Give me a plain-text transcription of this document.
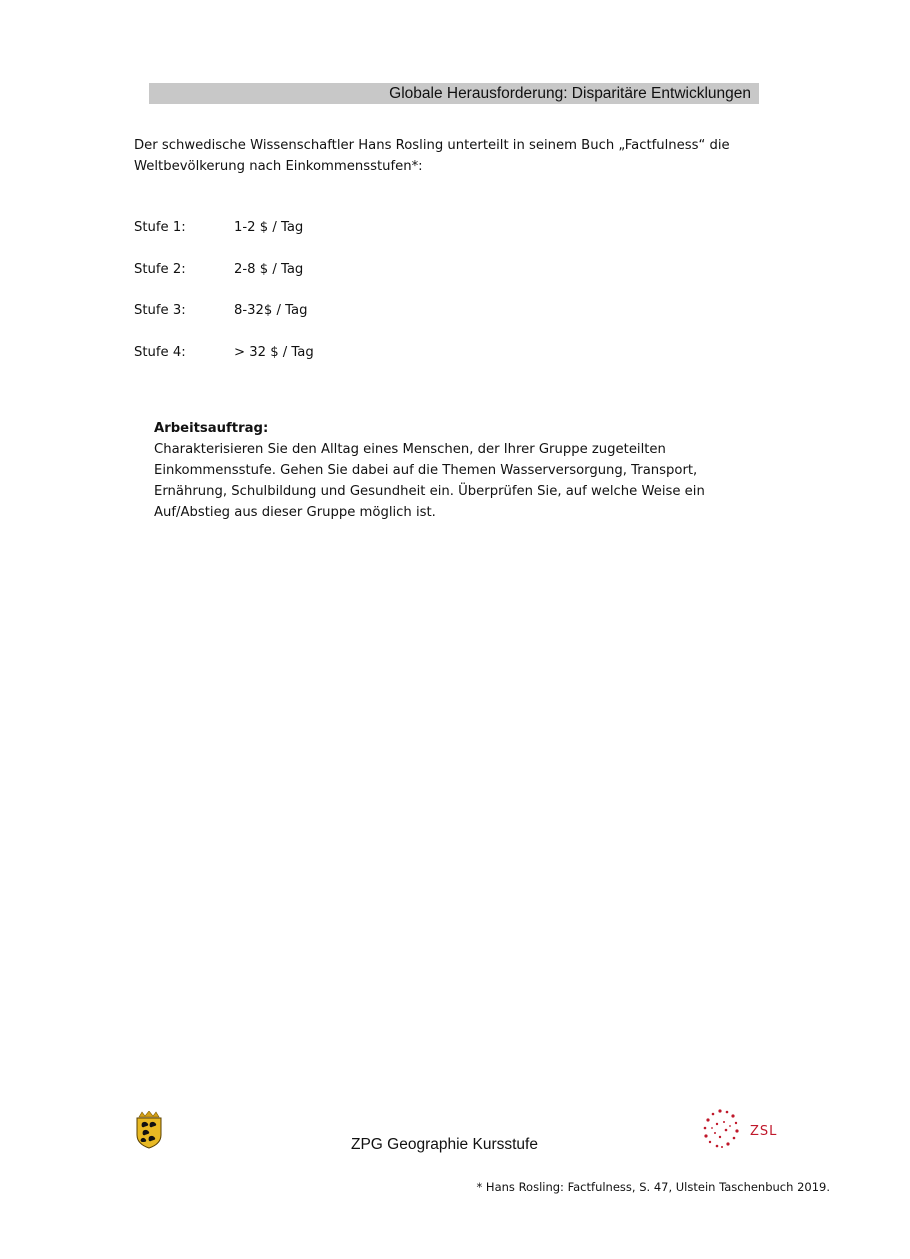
Globale Herausforderung: Disparitäre Entwicklungen
Der schwedische Wissenschaftler Hans Rosling unterteilt in seinem Buch „Factfulness“ die Weltbevölkerung nach Einkommensstufen*:
Stufe 1:	1-2 $ / Tag
Stufe 2:	2-8 $ / Tag
Stufe 3:	8-32$ / Tag
Stufe 4:	> 32 $ / Tag
Arbeitsauftrag:
Charakterisieren Sie den Alltag eines Menschen, der Ihrer Gruppe zugeteilten Einkommensstufe. Gehen Sie dabei auf die Themen Wasserversorgung, Transport, Ernährung, Schulbildung und Gesundheit ein. Überprüfen Sie, auf welche Weise ein Auf/Abstieg aus dieser Gruppe möglich ist.
ZPG Geographie Kursstufe
ZSL
* Hans Rosling: Factfulness, S. 47, Ulstein Taschenbuch 2019.
